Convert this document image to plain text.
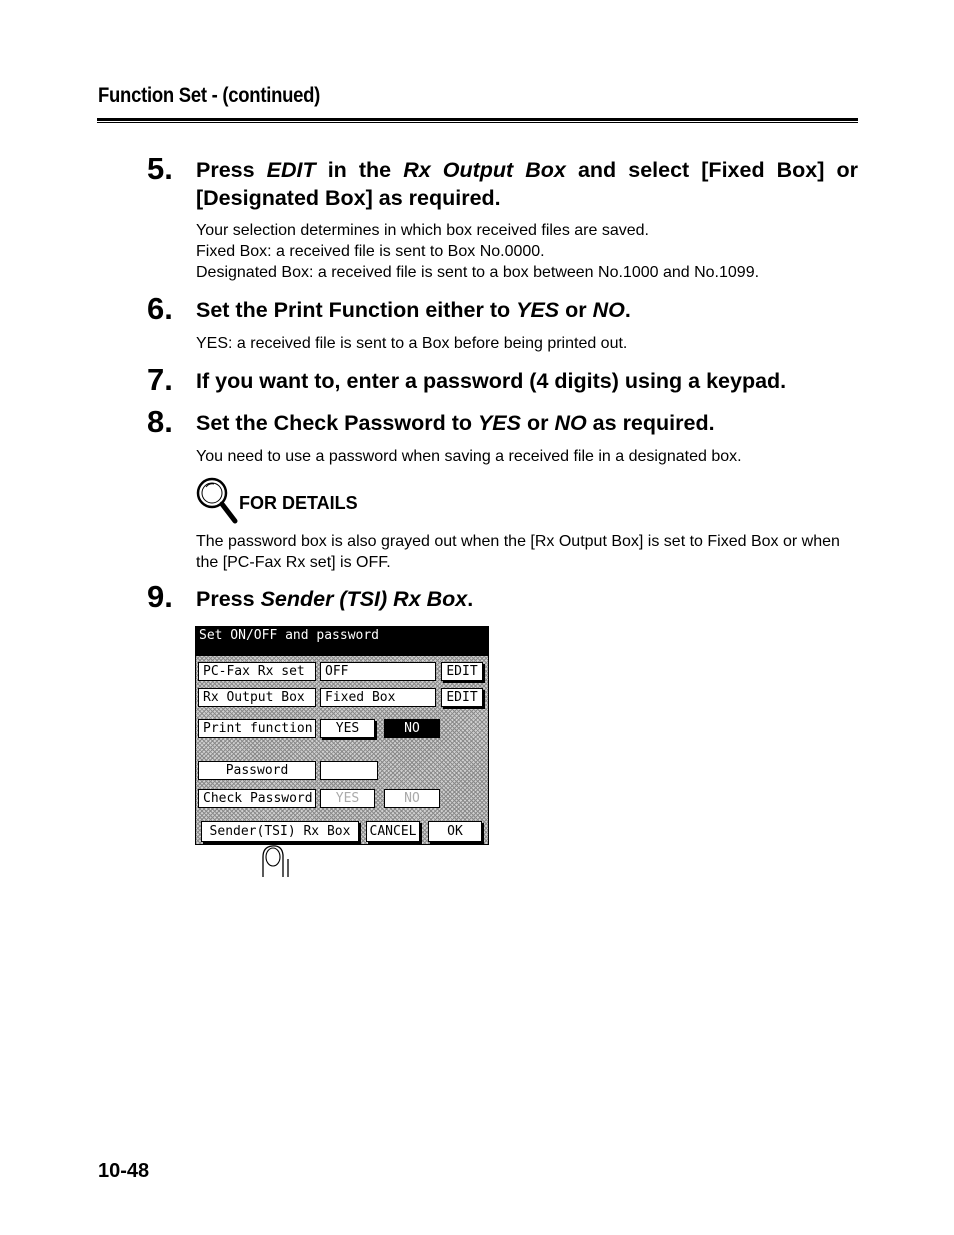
Function Set - (continued)
5. Press EDIT in the Rx Output Box and select [Fixed Box] or
[Designated Box] as required.
Your selection determines in which box received files are saved.
Fixed Box: a received file is sent to Box No.0000.
Designated Box: a received file is sent to a box between No.1000 and No.1099.
6. Set the Print Function either to YES or NO.
YES: a received file is sent to a Box before being printed out.
7. If you want to, enter a password (4 digits) using a keypad.
8. Set the Check Password to YES or NO as required.
You need to use a password when saving a received file in a designated box.
FOR DETAILS
The password box is also grayed out when the [Rx Output Box] is set to Fixed Box or when the [PC-Fax Rx set] is OFF.
9. Press Sender (TSI) Rx Box.
Set ON/OFF and password
PC-Fax Rx set	OFF	EDIT
Rx Output Box	Fixed Box	EDIT
Print function	YES	NO
Password
Check Password	YES	NO
Sender(TSI) Rx Box	CANCEL	OK
10-48
